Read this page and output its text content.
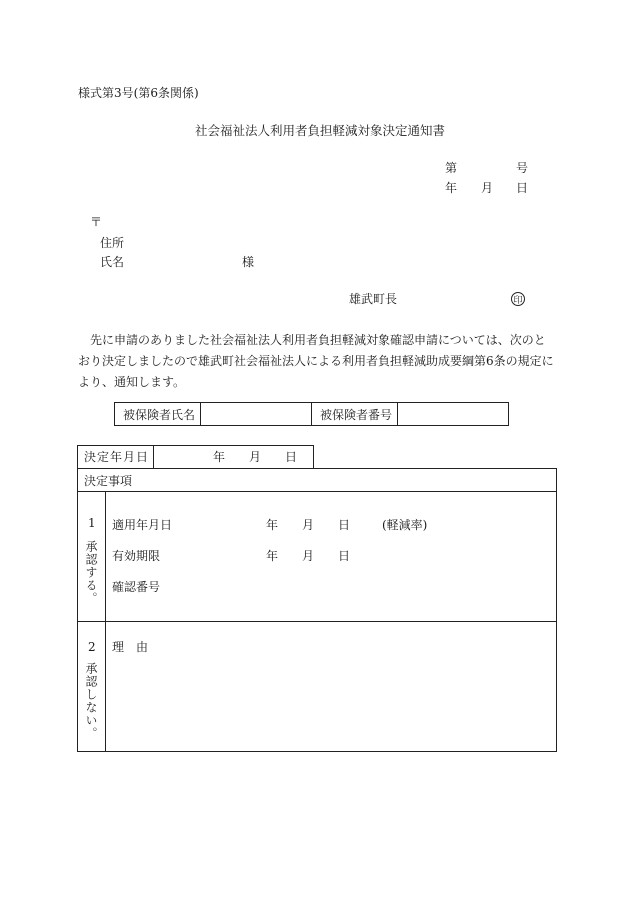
様式第3号(第6条関係)
社会福祉法人利用者負担軽減対象決定通知書
第	号
年 月 日
〒
住所
氏名	様
雄武町長	印
先に申請のありました社会福祉法人利用者負担軽減対象確認申請については、次のとおり決定しましたので雄武町社会福祉法人による利用者負担軽減助成要綱第6条の規定により、通知します。
被保険者氏名	被保険者番号
決定年月日	年 月 日
決定事項
1
承認する。
適用年月日	年 月 日	(軽減率)
有効期限	年 月 日
確認番号
2
承認しない。
理　由
